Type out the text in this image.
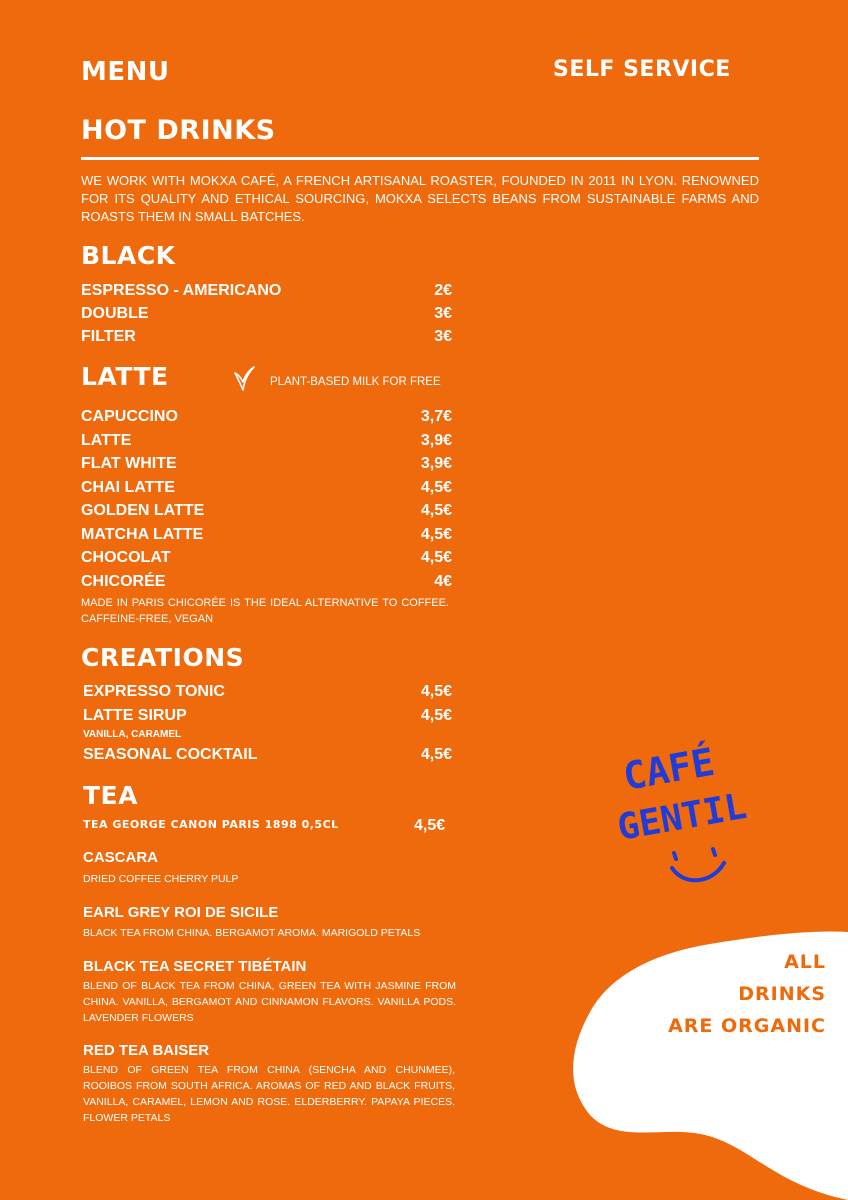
MENU	SELF SERVICE
HOT DRINKS
WE WORK WITH MOKXA CAFÉ, A FRENCH ARTISANAL ROASTER, FOUNDED IN 2011 IN LYON. RENOWNED FOR ITS QUALITY AND ETHICAL SOURCING, MOKXA SELECTS BEANS FROM SUSTAINABLE FARMS AND ROASTS THEM IN SMALL BATCHES.
BLACK
ESPRESSO - AMERICANO	2€
DOUBLE	3€
FILTER	3€
LATTE	PLANT-BASED MILK FOR FREE
CAPUCCINO	3,7€
LATTE	3,9€
FLAT WHITE	3,9€
CHAI LATTE	4,5€
GOLDEN LATTE	4,5€
MATCHA LATTE	4,5€
CHOCOLAT	4,5€
CHICORÉE	4€
MADE IN PARIS CHICORÉE IS THE IDEAL ALTERNATIVE TO COFFEE. CAFFEINE-FREE, VEGAN
CREATIONS
EXPRESSO TONIC	4,5€
LATTE SIRUP	4,5€
VANILLA, CARAMEL
SEASONAL COCKTAIL	4,5€
TEA
TEA GEORGE CANON PARIS 1898 0,5CL	4,5€
CASCARA
DRIED COFFEE CHERRY PULP
EARL GREY ROI DE SICILE
BLACK TEA FROM CHINA. BERGAMOT AROMA. MARIGOLD PETALS
BLACK TEA SECRET TIBÉTAIN
BLEND OF BLACK TEA FROM CHINA, GREEN TEA WITH JASMINE FROM CHINA. VANILLA, BERGAMOT AND CINNAMON FLAVORS. VANILLA PODS. LAVENDER FLOWERS
RED TEA BAISER
BLEND OF GREEN TEA FROM CHINA (SENCHA AND CHUNMEE), ROOIBOS FROM SOUTH AFRICA. AROMAS OF RED AND BLACK FRUITS, VANILLA, CARAMEL, LEMON AND ROSE. ELDERBERRY. PAPAYA PIECES. FLOWER PETALS
CAFÉ
GENTIL
ALL
DRINKS
ARE ORGANIC
